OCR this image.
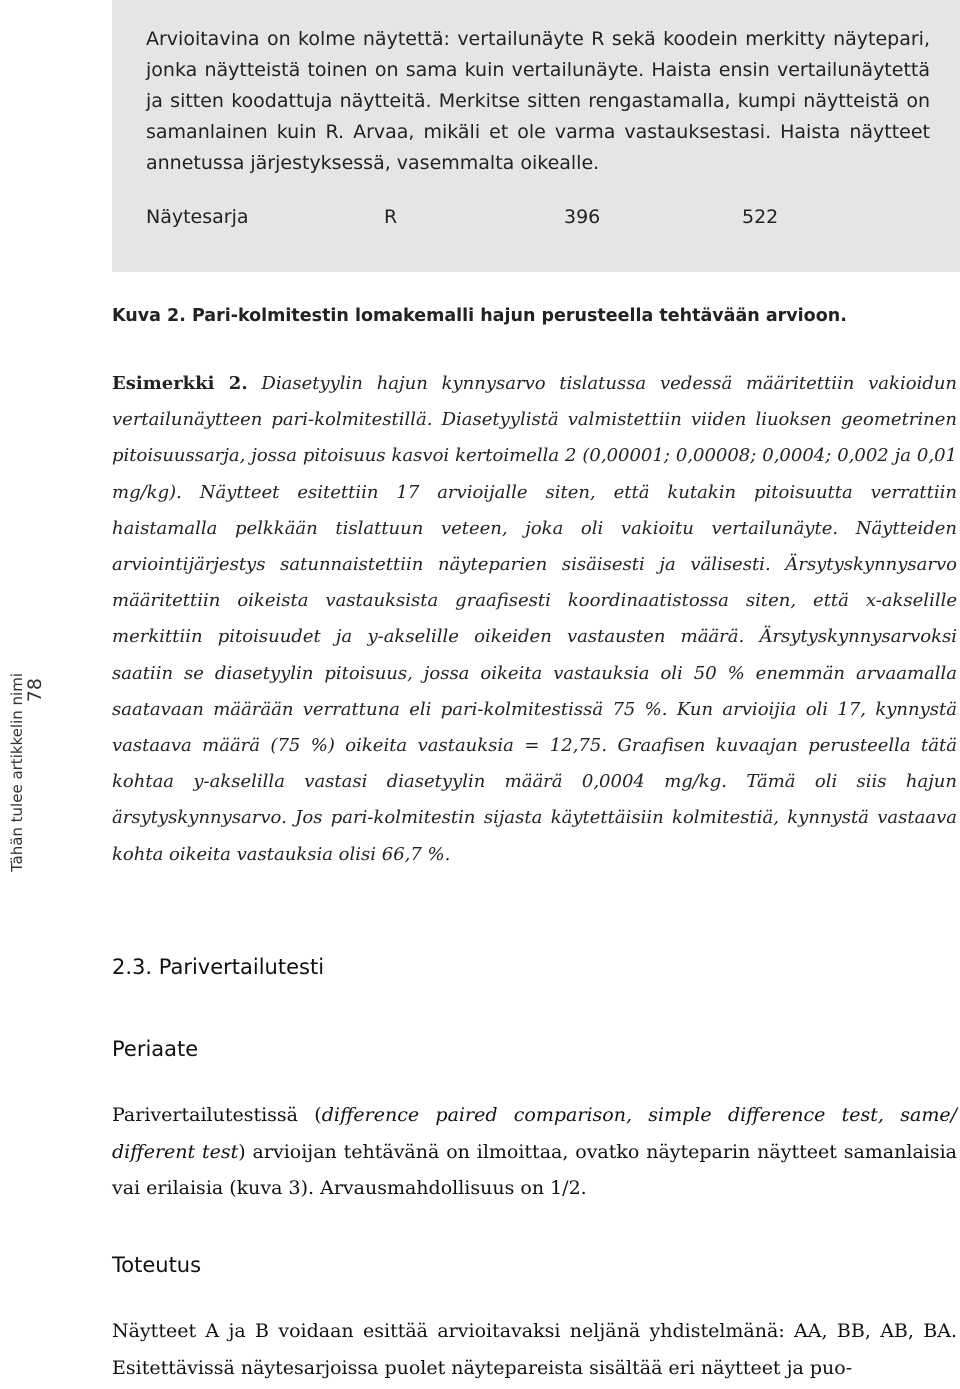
Arvioitavina on kolme näytettä: vertailunäyte R sekä koodein merkitty näytepari, jonka näytteistä toinen on sama kuin vertailunäyte. Haista ensin vertailunäytettä ja sitten koodattuja näytteitä. Merkitse sitten rengastamalla, kumpi näytteistä on samanlainen kuin R. Arvaa, mikäli et ole varma vastauksestasi. Haista näytteet annetussa järjestyksessä, vasemmalta oikealle.

Näytesarja	R	396	522

Kuva 2. Pari-kolmitestin lomakemalli hajun perusteella tehtävään arvioon.

Esimerkki 2. Diasetyylin hajun kynnysarvo tislatussa vedessä määritettiin vakioidun vertailunäytteen pari-kolmitestillä. Diasetyylistä valmistettiin viiden liuoksen geometrinen pitoisuussarja, jossa pitoisuus kasvoi kertoimella 2 (0,00001; 0,00008; 0,0004; 0,002 ja 0,01 mg/kg). Näytteet esitettiin 17 arvioijalle siten, että kutakin pitoisuutta verrattiin haistamalla pelkkään tislattuun veteen, joka oli vakioitu vertailunäyte. Näytteiden arviointijärjestys satunnaistettiin näyteparien sisäisesti ja välisesti. Ärsytyskynnysarvo määritettiin oikeista vastauksista graafisesti koordinaatistossa siten, että x-akselille merkittiin pitoisuudet ja y-akselille oikeiden vastausten määrä. Ärsytyskynnysarvoksi saatiin se diasetyylin pitoisuus, jossa oikeita vastauksia oli 50 % enemmän arvaamalla saatavaan määrään verrattuna eli pari-kolmitestissä 75 %. Kun arvioijia oli 17, kynnystä vastaava määrä (75 %) oikeita vastauksia = 12,75. Graafisen kuvaajan perusteella tätä kohtaa y-akselilla vastasi diasetyylin määrä 0,0004 mg/kg. Tämä oli siis hajun ärsytyskynnysarvo. Jos pari-kolmitestin sijasta käytettäisiin kolmitestiä, kynnystä vastaava kohta oikeita vastauksia olisi 66,7 %.

2.3. Parivertailutesti
Periaate

Parivertailutestissä (difference paired comparison, simple difference test, same/ different test) arvioijan tehtävänä on ilmoittaa, ovatko näyteparin näytteet samanlaisia vai erilaisia (kuva 3). Arvausmahdollisuus on 1/2.

Toteutus

Näytteet A ja B voidaan esittää arvioitavaksi neljänä yhdistelmänä: AA, BB, AB, BA. Esitettävissä näytesarjoissa puolet näytepareista sisältää eri näytteet ja puo-

78
Tähän tulee artikkelin nimi
